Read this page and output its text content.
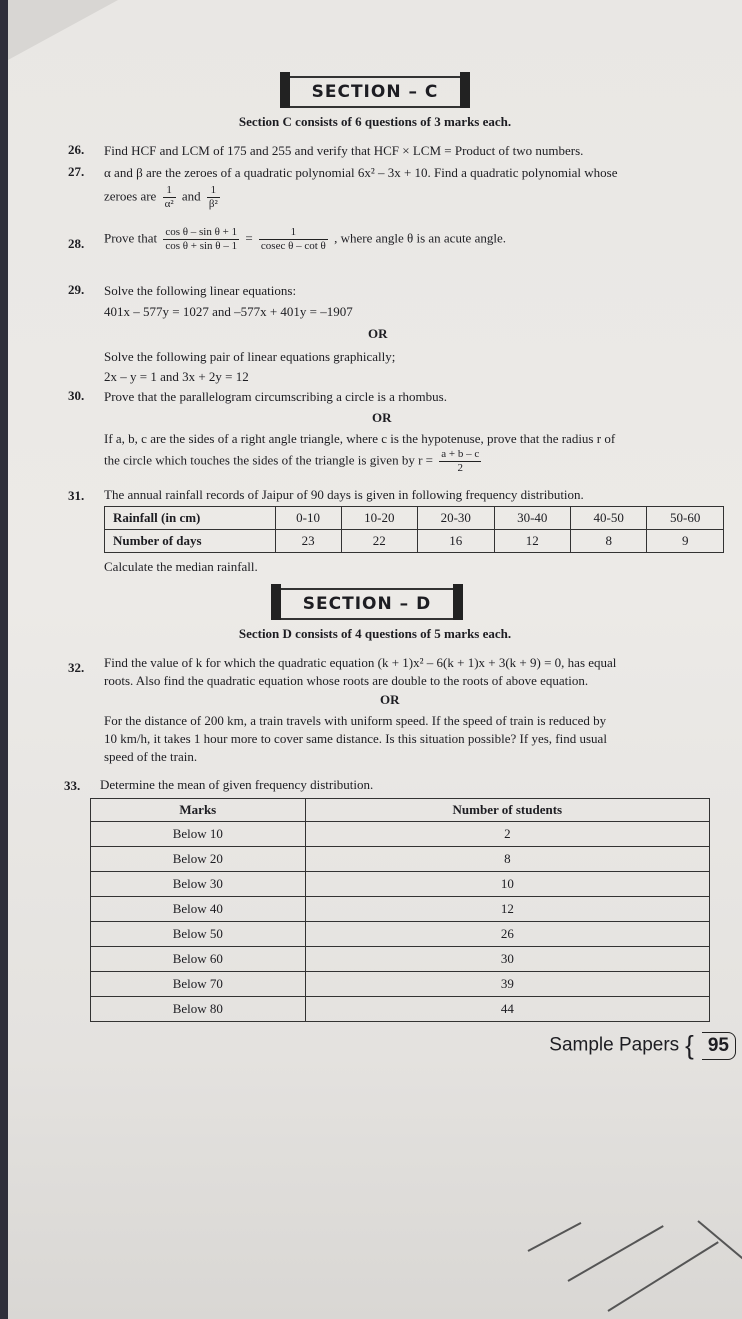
SECTION – C
Section C consists of 6 questions of 3 marks each.
26. Find HCF and LCM of 175 and 255 and verify that HCF × LCM = Product of two numbers.
27. α and β are the zeroes of a quadratic polynomial 6x² – 3x + 10. Find a quadratic polynomial whose
zeroes are $\frac{1}{\text{α²}}$ and $\frac{1}{\text{β²}}$
28. Prove that $\frac{\text{cos θ – sin θ + 1}}{\text{cos θ + sin θ – 1}} = \frac{1}{\text{cosec θ – cot θ}}$ , where angle θ is an acute angle.
29. Solve the following linear equations:
401x – 577y = 1027 and –577x + 401y = –1907
OR
Solve the following pair of linear equations graphically;
2x – y = 1 and 3x + 2y = 12
30. Prove that the parallelogram circumscribing a circle is a rhombus.
OR
If a, b, c are the sides of a right angle triangle, where c is the hypotenuse, prove that the radius r of
the circle which touches the sides of the triangle is given by $r = \frac{a + b - c}{2}$
31. The annual rainfall records of Jaipur of 90 days is given in following frequency distribution.
Rainfall (in cm)	0-10	10-20	20-30	30-40	40-50	50-60
Number of days	23	22	16	12	8	9
Calculate the median rainfall.
SECTION – D
Section D consists of 4 questions of 5 marks each.
32. Find the value of k for which the quadratic equation (k + 1)x² – 6(k + 1)x + 3(k + 9) = 0, has equal
roots. Also find the quadratic equation whose roots are double to the roots of above equation.
OR
For the distance of 200 km, a train travels with uniform speed. If the speed of train is reduced by
10 km/h, it takes 1 hour more to cover same distance. Is this situation possible? If yes, find usual
speed of the train.
33. Determine the mean of given frequency distribution.
Marks	Number of students
Below 10	2
Below 20	8
Below 30	10
Below 40	12
Below 50	26
Below 60	30
Below 70	39
Below 80	44
Sample Papers { 95
